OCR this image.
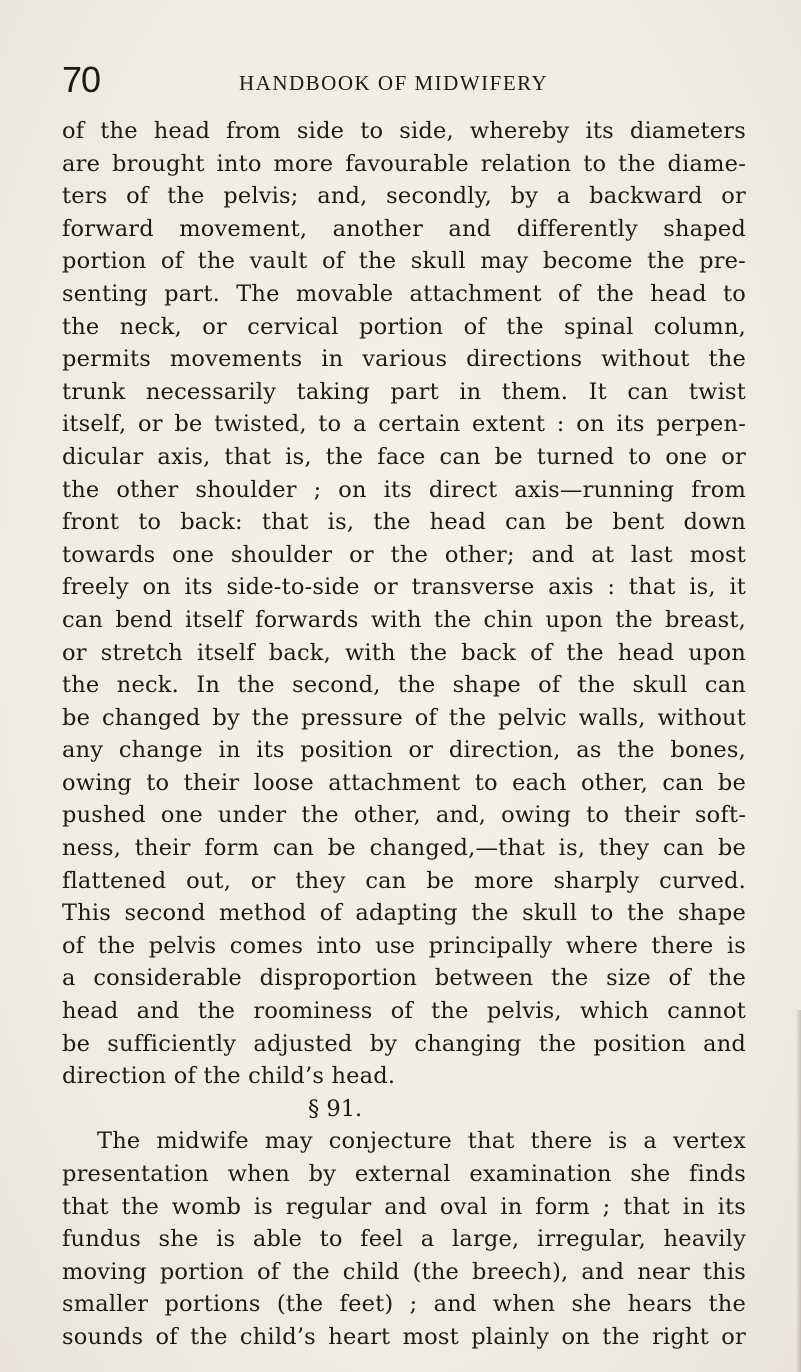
70	HANDBOOK OF MIDWIFERY
of the head from side to side, whereby its diameters
are brought into more favourable relation to the diame-
ters of the pelvis; and, secondly, by a backward or
forward movement, another and differently shaped
portion of the vault of the skull may become the pre-
senting part. The movable attachment of the head to
the neck, or cervical portion of the spinal column,
permits movements in various directions without the
trunk necessarily taking part in them. It can twist
itself, or be twisted, to a certain extent : on its perpen-
dicular axis, that is, the face can be turned to one or
the other shoulder ; on its direct axis—running from
front to back: that is, the head can be bent down
towards one shoulder or the other; and at last most
freely on its side-to-side or transverse axis : that is, it
can bend itself forwards with the chin upon the breast,
or stretch itself back, with the back of the head upon
the neck. In the second, the shape of the skull can
be changed by the pressure of the pelvic walls, without
any change in its position or direction, as the bones,
owing to their loose attachment to each other, can be
pushed one under the other, and, owing to their soft-
ness, their form can be changed,—that is, they can be
flattened out, or they can be more sharply curved.
This second method of adapting the skull to the shape
of the pelvis comes into use principally where there is
a considerable disproportion between the size of the
head and the roominess of the pelvis, which cannot
be sufficiently adjusted by changing the position and
direction of the child’s head.
§ 91.
The midwife may conjecture that there is a vertex
presentation when by external examination she finds
that the womb is regular and oval in form ; that in its
fundus she is able to feel a large, irregular, heavily
moving portion of the child (the breech), and near this
smaller portions (the feet) ; and when she hears the
sounds of the child’s heart most plainly on the right or
